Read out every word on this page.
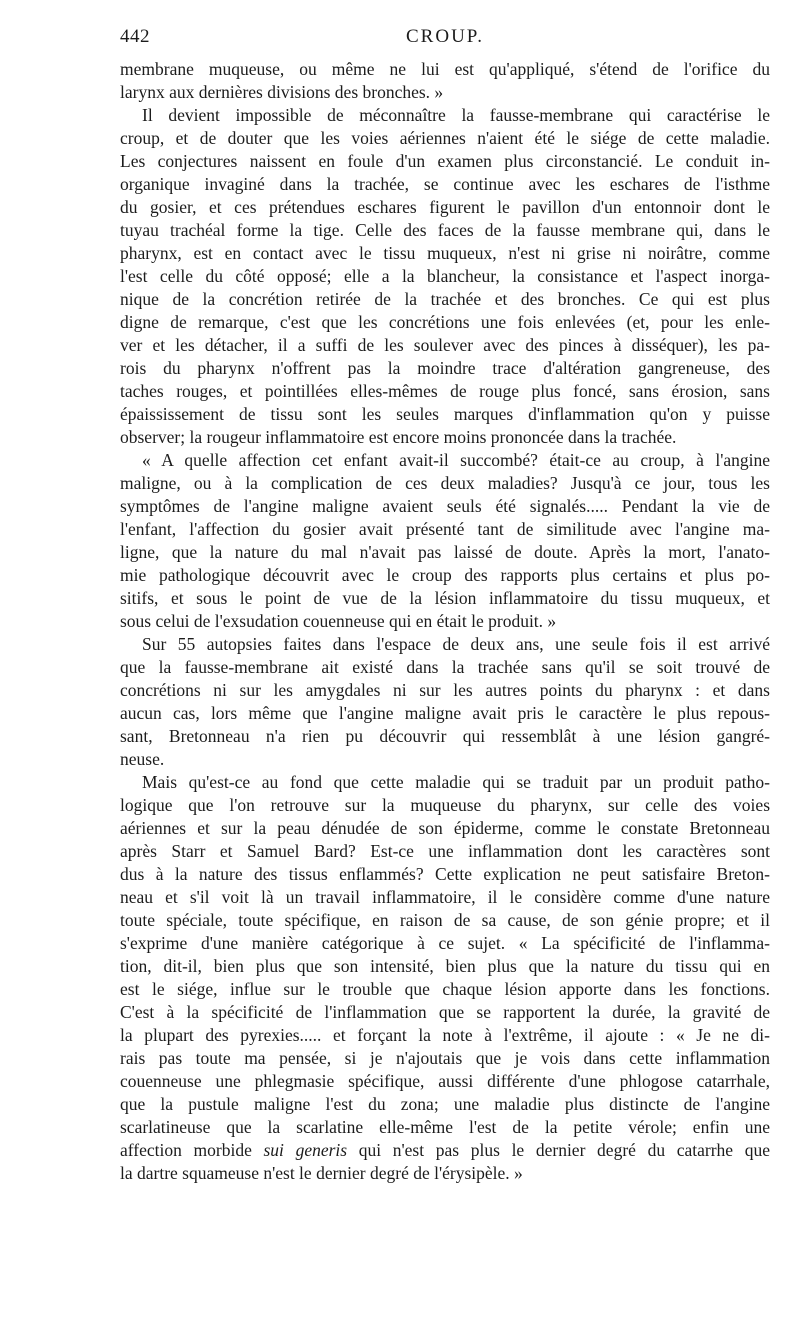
442	CROUP.
membrane muqueuse, ou même ne lui est qu'appliqué, s'étend de l'orifice du
larynx aux dernières divisions des bronches. »
Il devient impossible de méconnaître la fausse-membrane qui caractérise le
croup, et de douter que les voies aériennes n'aient été le siége de cette maladie.
Les conjectures naissent en foule d'un examen plus circonstancié. Le conduit in-
organique invaginé dans la trachée, se continue avec les eschares de l'isthme
du gosier, et ces prétendues eschares figurent le pavillon d'un entonnoir dont le
tuyau trachéal forme la tige. Celle des faces de la fausse membrane qui, dans le
pharynx, est en contact avec le tissu muqueux, n'est ni grise ni noirâtre, comme
l'est celle du côté opposé; elle a la blancheur, la consistance et l'aspect inorga-
nique de la concrétion retirée de la trachée et des bronches. Ce qui est plus
digne de remarque, c'est que les concrétions une fois enlevées (et, pour les enle-
ver et les détacher, il a suffi de les soulever avec des pinces à disséquer), les pa-
rois du pharynx n'offrent pas la moindre trace d'altération gangreneuse, des
taches rouges, et pointillées elles-mêmes de rouge plus foncé, sans érosion, sans
épaississement de tissu sont les seules marques d'inflammation qu'on y puisse
observer; la rougeur inflammatoire est encore moins prononcée dans la trachée.
« A quelle affection cet enfant avait-il succombé? était-ce au croup, à l'angine
maligne, ou à la complication de ces deux maladies? Jusqu'à ce jour, tous les
symptômes de l'angine maligne avaient seuls été signalés..... Pendant la vie de
l'enfant, l'affection du gosier avait présenté tant de similitude avec l'angine ma-
ligne, que la nature du mal n'avait pas laissé de doute. Après la mort, l'anato-
mie pathologique découvrit avec le croup des rapports plus certains et plus po-
sitifs, et sous le point de vue de la lésion inflammatoire du tissu muqueux, et
sous celui de l'exsudation couenneuse qui en était le produit. »
Sur 55 autopsies faites dans l'espace de deux ans, une seule fois il est arrivé
que la fausse-membrane ait existé dans la trachée sans qu'il se soit trouvé de
concrétions ni sur les amygdales ni sur les autres points du pharynx : et dans
aucun cas, lors même que l'angine maligne avait pris le caractère le plus repous-
sant, Bretonneau n'a rien pu découvrir qui ressemblât à une lésion gangré-
neuse.
Mais qu'est-ce au fond que cette maladie qui se traduit par un produit patho-
logique que l'on retrouve sur la muqueuse du pharynx, sur celle des voies
aériennes et sur la peau dénudée de son épiderme, comme le constate Bretonneau
après Starr et Samuel Bard? Est-ce une inflammation dont les caractères sont
dus à la nature des tissus enflammés? Cette explication ne peut satisfaire Breton-
neau et s'il voit là un travail inflammatoire, il le considère comme d'une nature
toute spéciale, toute spécifique, en raison de sa cause, de son génie propre; et il
s'exprime d'une manière catégorique à ce sujet. « La spécificité de l'inflamma-
tion, dit-il, bien plus que son intensité, bien plus que la nature du tissu qui en
est le siége, influe sur le trouble que chaque lésion apporte dans les fonctions.
C'est à la spécificité de l'inflammation que se rapportent la durée, la gravité de
la plupart des pyrexies..... et forçant la note à l'extrême, il ajoute : « Je ne di-
rais pas toute ma pensée, si je n'ajoutais que je vois dans cette inflammation
couenneuse une phlegmasie spécifique, aussi différente d'une phlogose catarrhale,
que la pustule maligne l'est du zona; une maladie plus distincte de l'angine
scarlatineuse que la scarlatine elle-même l'est de la petite vérole; enfin une
affection morbide sui generis qui n'est pas plus le dernier degré du catarrhe que
la dartre squameuse n'est le dernier degré de l'érysipèle. »
